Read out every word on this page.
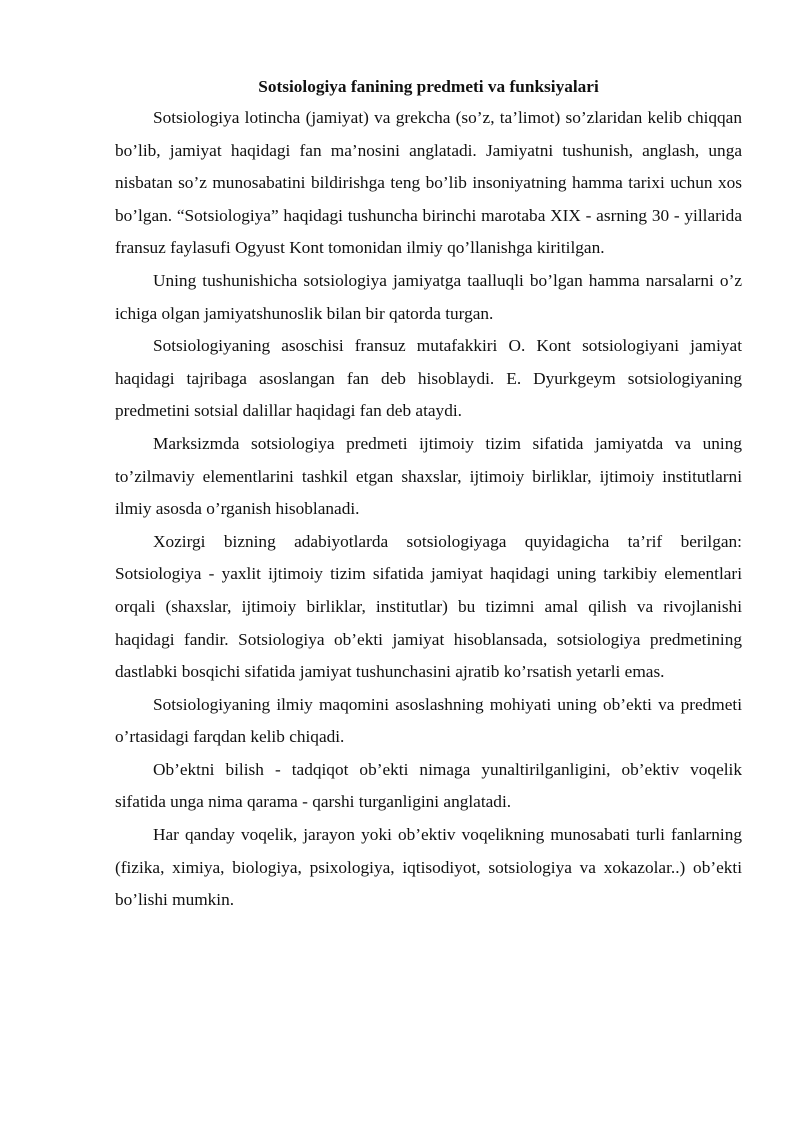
Sotsiologiya fanining predmeti va funksiyalari

Sotsiologiya lotincha (jamiyat) va grekcha (so’z, ta’limot) so’zlaridan kelib chiqqan bo’lib, jamiyat haqidagi fan ma’nosini anglatadi. Jamiyatni tushunish, anglash, unga nisbatan so’z munosabatini bildirishga teng bo’lib insoniyatning hamma tarixi uchun xos bo’lgan. “Sotsiologiya” haqidagi tushuncha birinchi marotaba XIX - asrning 30 - yillarida fransuz faylasufi Ogyust Kont tomonidan ilmiy qo’llanishga kiritilgan.

Uning tushunishicha sotsiologiya jamiyatga taalluqli bo’lgan hamma narsalarni o’z ichiga olgan jamiyatshunoslik bilan bir qatorda turgan.

Sotsiologiyaning asoschisi fransuz mutafakkiri O. Kont sotsiologiyani jamiyat haqidagi tajribaga asoslangan fan deb hisoblaydi. E. Dyurkgeym sotsiologiyaning predmetini sotsial dalillar haqidagi fan deb ataydi.

Marksizmda sotsiologiya predmeti ijtimoiy tizim sifatida jamiyatda va uning to’zilmaviy elementlarini tashkil etgan shaxslar, ijtimoiy birliklar, ijtimoiy institutlarni ilmiy asosda o’rganish hisoblanadi.

Xozirgi bizning adabiyotlarda sotsiologiyaga quyidagicha ta’rif berilgan: Sotsiologiya - yaxlit ijtimoiy tizim sifatida jamiyat haqidagi uning tarkibiy elementlari orqali (shaxslar, ijtimoiy birliklar, institutlar) bu tizimni amal qilish va rivojlanishi haqidagi fandir. Sotsiologiya ob’ekti jamiyat hisoblansada, sotsiologiya predmetining dastlabki bosqichi sifatida jamiyat tushunchasini ajratib ko’rsatish yetarli emas.

Sotsiologiyaning ilmiy maqomini asoslashning mohiyati uning ob’ekti va predmeti o’rtasidagi farqdan kelib chiqadi.

Ob’ektni bilish - tadqiqot ob’ekti nimaga yunaltirilganligini, ob’ektiv voqelik sifatida unga nima qarama - qarshi turganligini anglatadi.

Har qanday voqelik, jarayon yoki ob’ektiv voqelikning munosabati turli fanlarning (fizika, ximiya, biologiya, psixologiya, iqtisodiyot, sotsiologiya va xokazolar..) ob’ekti bo’lishi mumkin.
